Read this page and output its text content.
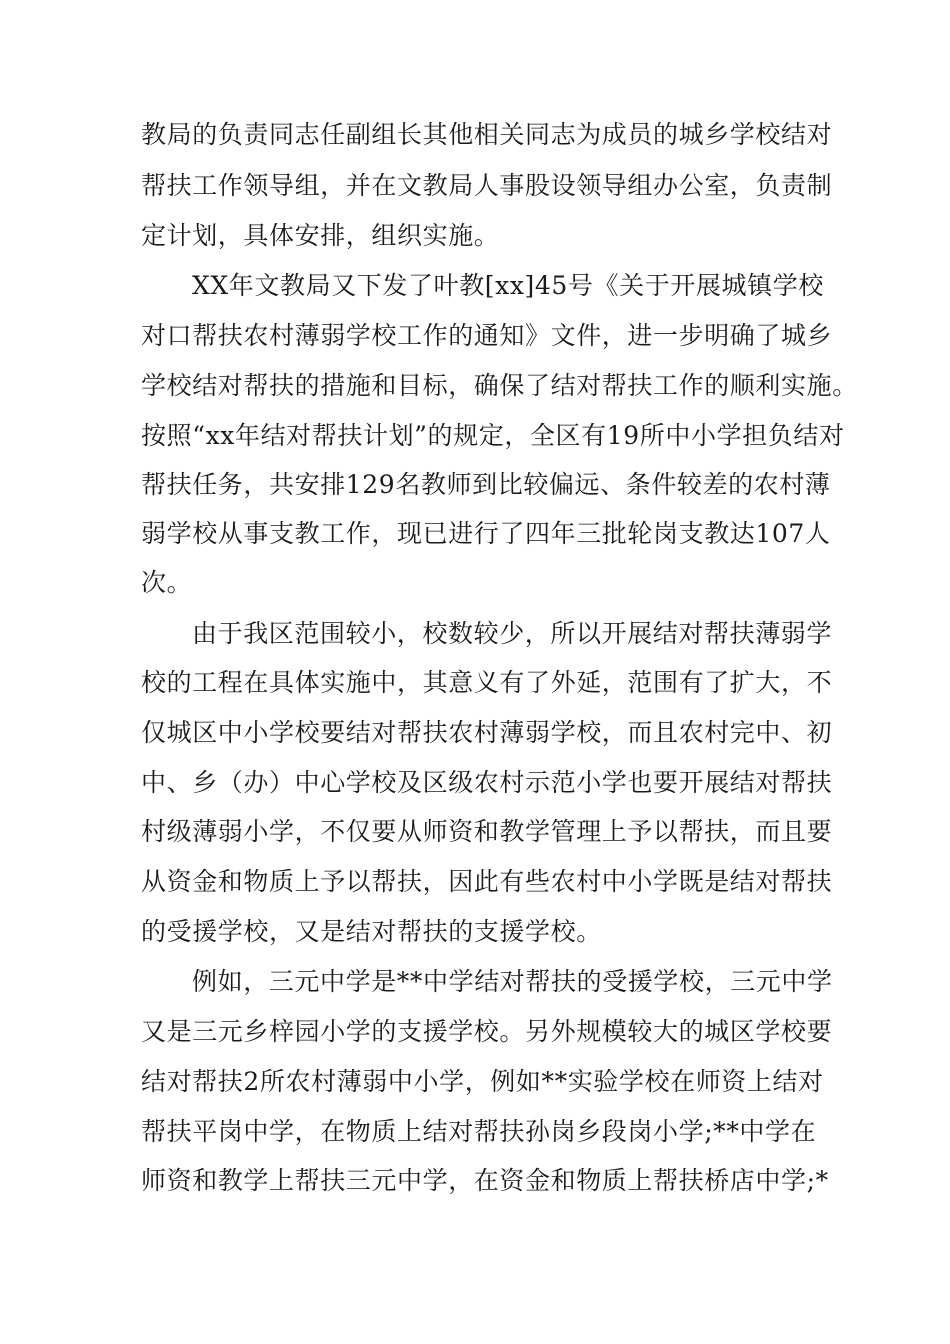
教局的负责同志任副组长其他相关同志为成员的城乡学校结对
帮扶工作领导组，并在文教局人事股设领导组办公室，负责制
定计划，具体安排，组织实施。
XX年文教局又下发了叶教[xx]45号《关于开展城镇学校
对口帮扶农村薄弱学校工作的通知》文件，进一步明确了城乡
学校结对帮扶的措施和目标，确保了结对帮扶工作的顺利实施。
按照“xx年结对帮扶计划”的规定，全区有19所中小学担负结对
帮扶任务，共安排129名教师到比较偏远、条件较差的农村薄
弱学校从事支教工作，现已进行了四年三批轮岗支教达107人
次。
由于我区范围较小，校数较少，所以开展结对帮扶薄弱学
校的工程在具体实施中，其意义有了外延，范围有了扩大，不
仅城区中小学校要结对帮扶农村薄弱学校，而且农村完中、初
中、乡（办）中心学校及区级农村示范小学也要开展结对帮扶
村级薄弱小学，不仅要从师资和教学管理上予以帮扶，而且要
从资金和物质上予以帮扶，因此有些农村中小学既是结对帮扶
的受援学校，又是结对帮扶的支援学校。
例如，三元中学是**中学结对帮扶的受援学校，三元中学
又是三元乡梓园小学的支援学校。另外规模较大的城区学校要
结对帮扶2所农村薄弱中小学，例如**实验学校在师资上结对
帮扶平岗中学，在物质上结对帮扶孙岗乡段岗小学;**中学在
师资和教学上帮扶三元中学，在资金和物质上帮扶桥店中学;*
